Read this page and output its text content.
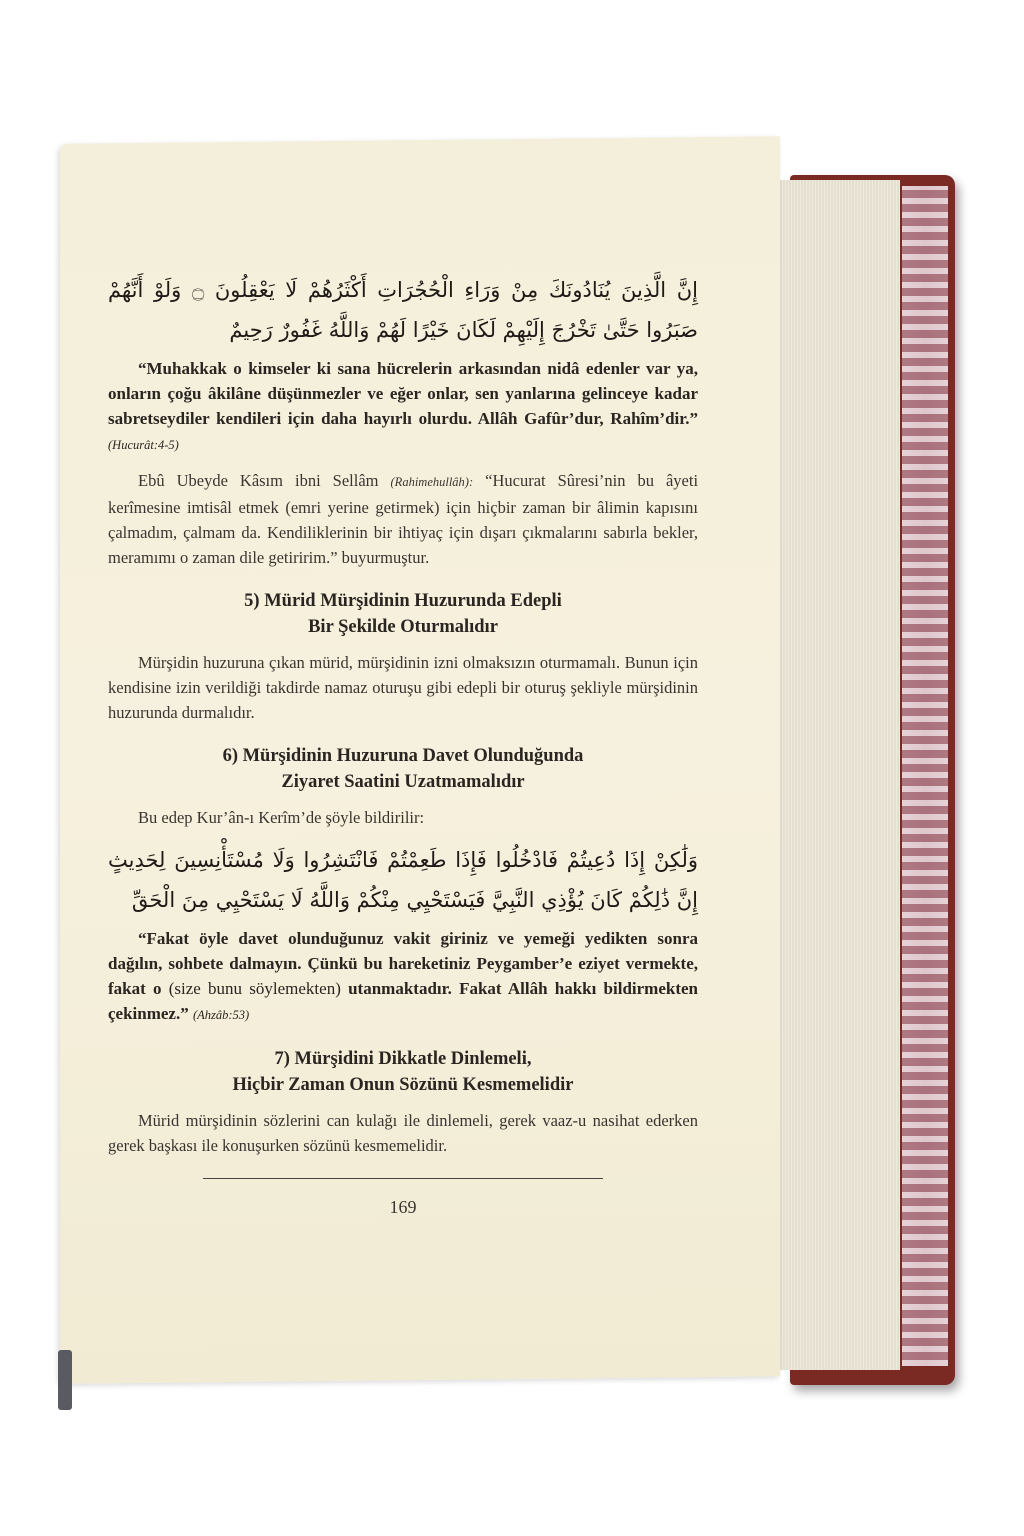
إِنَّ الَّذِينَ يُنَادُونَكَ مِنْ وَرَاءِ الْحُجُرَاتِ أَكْثَرُهُمْ لَا يَعْقِلُونَ ۝ وَلَوْ أَنَّهُمْ صَبَرُوا حَتَّىٰ تَخْرُجَ إِلَيْهِمْ لَكَانَ خَيْرًا لَهُمْ وَاللَّهُ غَفُورٌ رَحِيمٌ

“Muhakkak o kimseler ki sana hücrelerin arkasından nidâ edenler var ya, onların çoğu âkilâne düşünmezler ve eğer onlar, sen yanlarına gelinceye kadar sabretseydiler kendileri için daha hayırlı olurdu. Allâh Gafûr’dur, Rahîm’dir.” (Hucurât:4-5)

Ebû Ubeyde Kâsım ibni Sellâm (Rahimehullâh): “Hucurat Sûresi’nin bu âyeti kerîmesine imtisâl etmek (emri yerine getirmek) için hiçbir zaman bir âlimin kapısını çalmadım, çalmam da. Kendiliklerinin bir ihtiyaç için dışarı çıkmalarını sabırla bekler, meramımı o zaman dile getiririm.” buyurmuştur.

5) Mürid Mürşidinin Huzurunda Edepli
Bir Şekilde Oturmalıdır

Mürşidin huzuruna çıkan mürid, mürşidinin izni olmaksızın oturmamalı. Bunun için kendisine izin verildiği takdirde namaz oturuşu gibi edepli bir oturuş şekliyle mürşidinin huzurunda durmalıdır.

6) Mürşidinin Huzuruna Davet Olunduğunda
Ziyaret Saatini Uzatmamalıdır

Bu edep Kur’ân-ı Kerîm’de şöyle bildirilir:

وَلَٰكِنْ إِذَا دُعِيتُمْ فَادْخُلُوا فَإِذَا طَعِمْتُمْ فَانْتَشِرُوا وَلَا مُسْتَأْنِسِينَ لِحَدِيثٍ إِنَّ ذَٰلِكُمْ كَانَ يُؤْذِي النَّبِيَّ فَيَسْتَحْيِي مِنْكُمْ وَاللَّهُ لَا يَسْتَحْيِي مِنَ الْحَقِّ

“Fakat öyle davet olunduğunuz vakit giriniz ve yemeği yedikten sonra dağılın, sohbete dalmayın. Çünkü bu hareketiniz Peygamber’e eziyet vermekte, fakat o (size bunu söylemekten) utanmaktadır. Fakat Allâh hakkı bildirmekten çekinmez.” (Ahzâb:53)

7) Mürşidini Dikkatle Dinlemeli,
Hiçbir Zaman Onun Sözünü Kesmemelidir

Mürid mürşidinin sözlerini can kulağı ile dinlemeli, gerek vaaz-u nasihat ederken gerek başkası ile konuşurken sözünü kesmemelidir.

169
